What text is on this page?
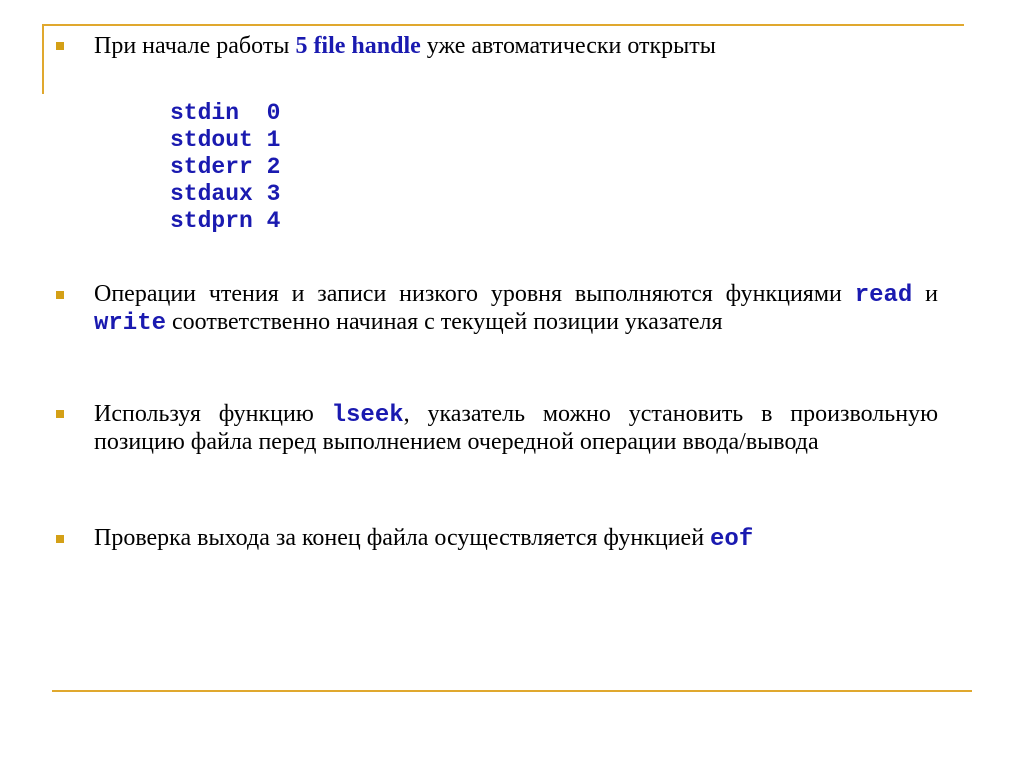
При начале работы 5 file handle уже автоматически открыты
stdin 0
stdout 1
stderr 2
stdaux 3
stdprn 4
Операции чтения и записи низкого уровня выполняются функциями read и write соответственно начиная с текущей позиции указателя
Используя функцию lseek, указатель можно установить в произвольную позицию файла перед выполнением очередной операции ввода/вывода
Проверка выхода за конец файла осуществляется функцией eof
